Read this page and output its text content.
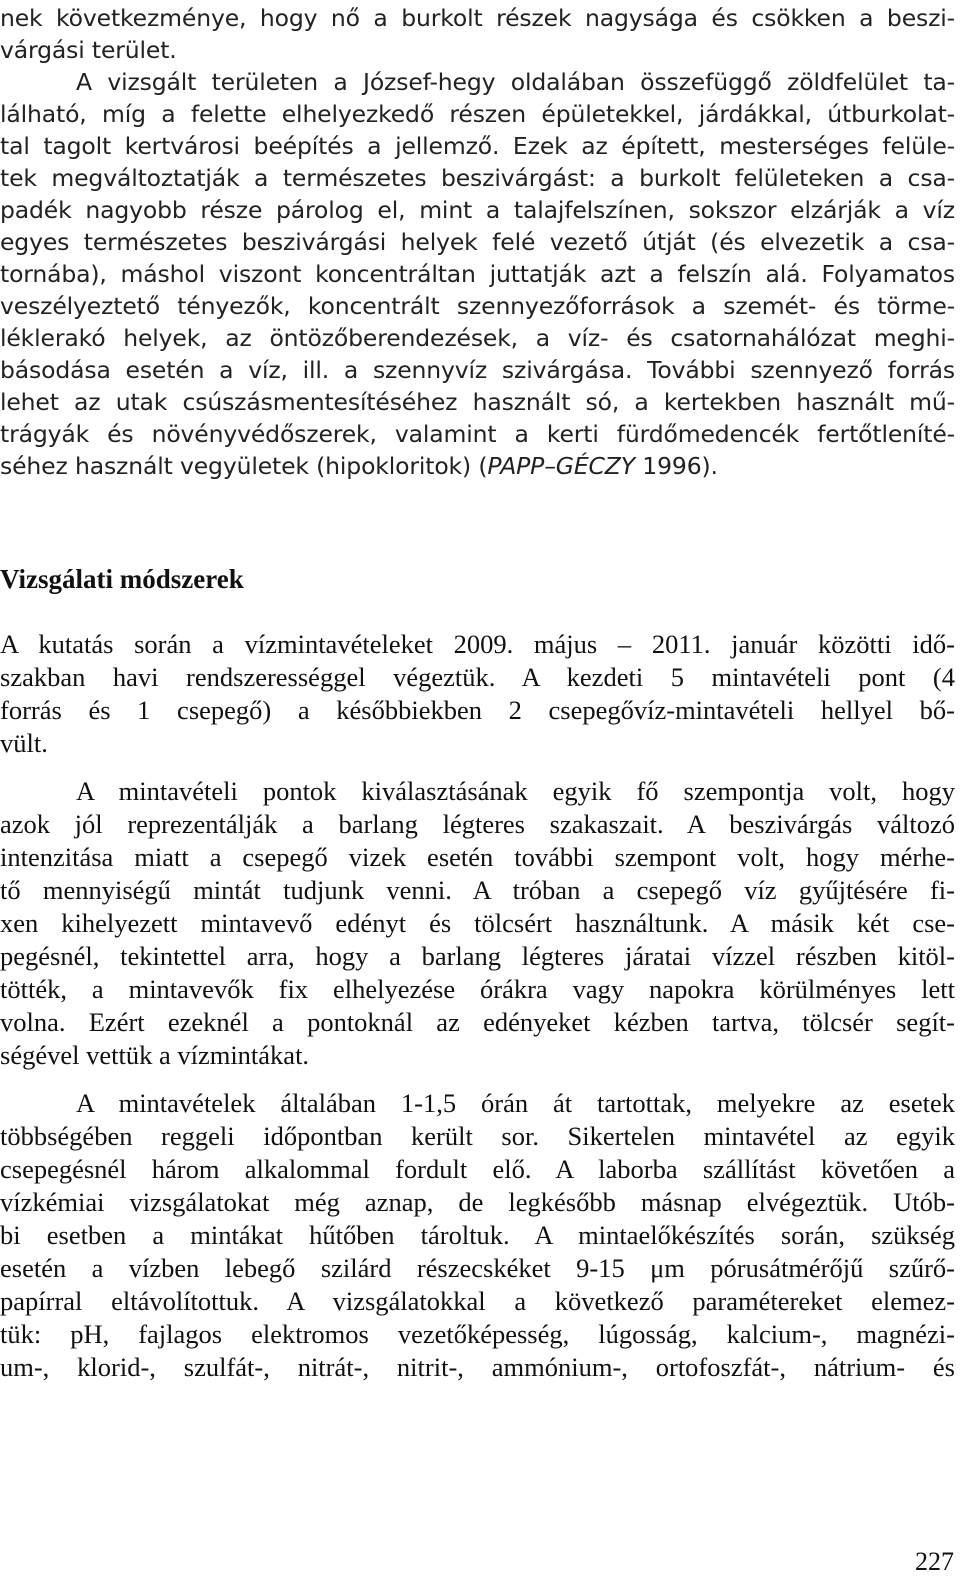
nek következménye, hogy nő a burkolt részek nagysága és csökken a beszi-
várgási terület.
A vizsgált területen a József-hegy oldalában összefüggő zöldfelület ta-
lálható, míg a felette elhelyezkedő részen épületekkel, járdákkal, útburkolat-
tal tagolt kertvárosi beépítés a jellemző. Ezek az épített, mesterséges felüle-
tek megváltoztatják a természetes beszivárgást: a burkolt felületeken a csa-
padék nagyobb része párolog el, mint a talajfelszínen, sokszor elzárják a víz
egyes természetes beszivárgási helyek felé vezető útját (és elvezetik a csa-
tornába), máshol viszont koncentráltan juttatják azt a felszín alá. Folyamatos
veszélyeztető tényezők, koncentrált szennyezőforrások a szemét- és törme-
léklerakó helyek, az öntözőberendezések, a víz- és csatornahálózat meghi-
básodása esetén a víz, ill. a szennyvíz szivárgása. További szennyező forrás
lehet az utak csúszásmentesítéséhez használt só, a kertekben használt mű-
trágyák és növényvédőszerek, valamint a kerti fürdőmedencék fertőtleníté-
séhez használt vegyületek (hipokloritok) (PAPP–GÉCZY 1996).
Vizsgálati módszerek
A kutatás során a vízmintavételeket 2009. május – 2011. január közötti idő-
szakban havi rendszerességgel végeztük. A kezdeti 5 mintavételi pont (4
forrás és 1 csepegő) a későbbiekben 2 csepegővíz-mintavételi hellyel bő-
vült.
A mintavételi pontok kiválasztásának egyik fő szempontja volt, hogy
azok jól reprezentálják a barlang légteres szakaszait. A beszivárgás változó
intenzitása miatt a csepegő vizek esetén további szempont volt, hogy mérhe-
tő mennyiségű mintát tudjunk venni. A tróban a csepegő víz gyűjtésére fi-
xen kihelyezett mintavevő edényt és tölcsért használtunk. A másik két cse-
pegésnél, tekintettel arra, hogy a barlang légteres járatai vízzel részben kitöl-
tötték, a mintavevők fix elhelyezése órákra vagy napokra körülményes lett
volna. Ezért ezeknél a pontoknál az edényeket kézben tartva, tölcsér segít-
ségével vettük a vízmintákat.
A mintavételek általában 1-1,5 órán át tartottak, melyekre az esetek
többségében reggeli időpontban került sor. Sikertelen mintavétel az egyik
csepegésnél három alkalommal fordult elő. A laborba szállítást követően a
vízkémiai vizsgálatokat még aznap, de legkésőbb másnap elvégeztük. Utób-
bi esetben a mintákat hűtőben tároltuk. A mintaelőkészítés során, szükség
esetén a vízben lebegő szilárd részecskéket 9-15 μm pórusátmérőjű szűrő-
papírral eltávolítottuk. A vizsgálatokkal a következő paramétereket elemez-
tük: pH, fajlagos elektromos vezetőképesség, lúgosság, kalcium-, magnézi-
um-, klorid-, szulfát-, nitrát-, nitrit-, ammónium-, ortofoszfát-, nátrium- és
227
